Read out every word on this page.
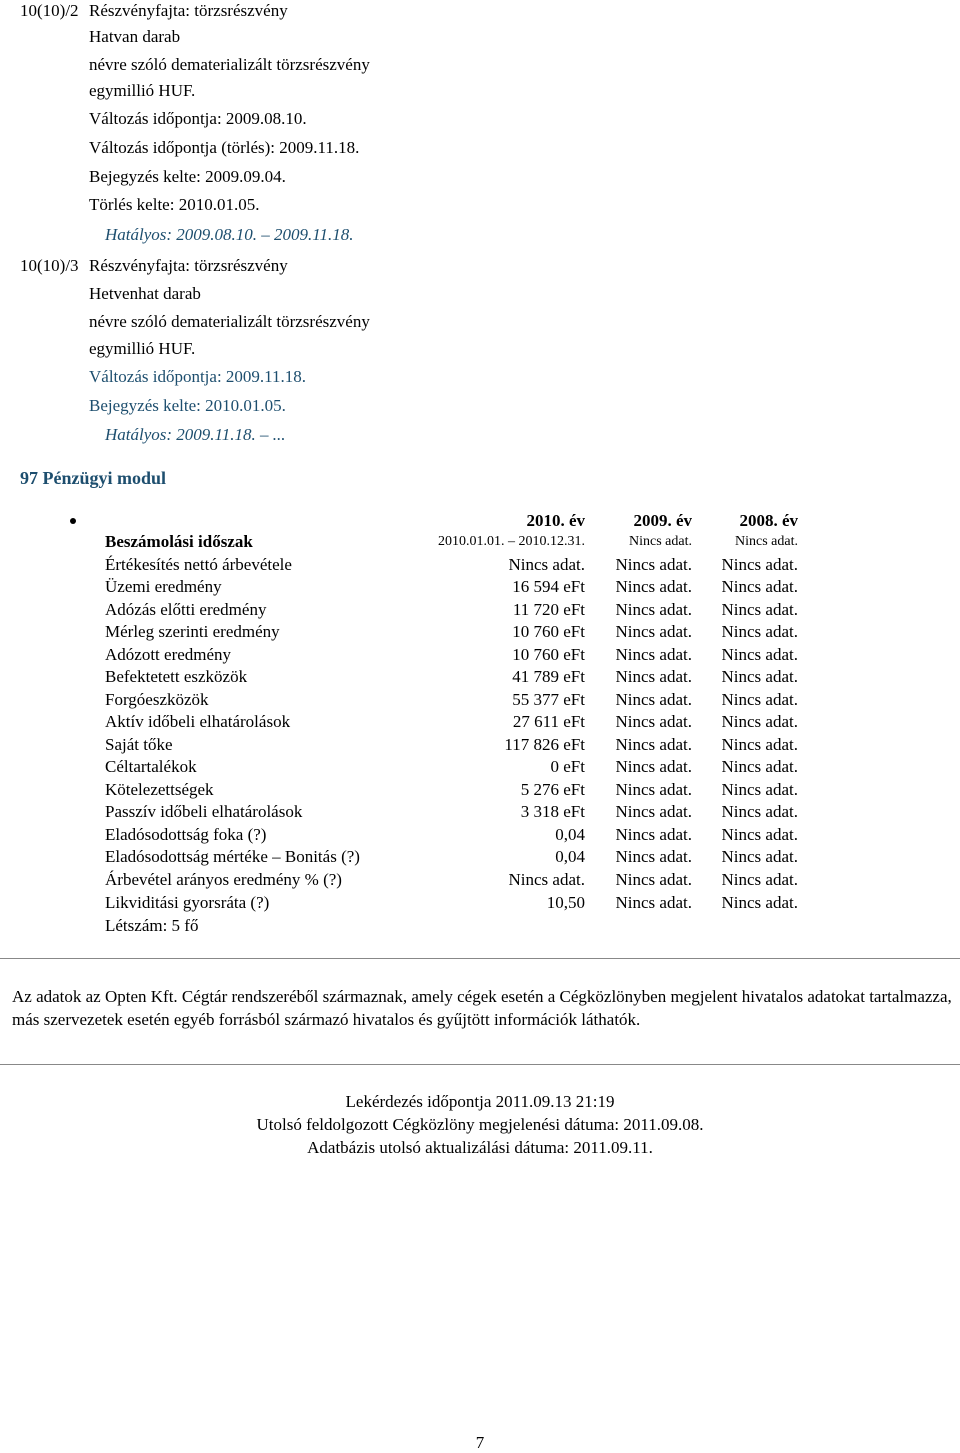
10(10)/2 Részvényfajta: törzsrészvény
Hatvan darab
névre szóló dematerializált törzsrészvény
egymillió HUF.
Változás időpontja: 2009.08.10.
Változás időpontja (törlés): 2009.11.18.
Bejegyzés kelte: 2009.09.04.
Törlés kelte: 2010.01.05.
Hatályos: 2009.08.10. – 2009.11.18.
10(10)/3 Részvényfajta: törzsrészvény
Hetvenhat darab
névre szóló dematerializált törzsrészvény
egymillió HUF.
Változás időpontja: 2009.11.18.
Bejegyzés kelte: 2010.01.05.
Hatályos: 2009.11.18. – ...
97 Pénzügyi modul
2010. év	2009. év	2008. év
Beszámolási időszak	2010.01.01. – 2010.12.31.	Nincs adat.	Nincs adat.
Értékesítés nettó árbevétele	Nincs adat. Nincs adat. Nincs adat.
Üzemi eredmény	16 594 eFt Nincs adat. Nincs adat.
Adózás előtti eredmény	11 720 eFt Nincs adat. Nincs adat.
Mérleg szerinti eredmény	10 760 eFt Nincs adat. Nincs adat.
Adózott eredmény	10 760 eFt Nincs adat. Nincs adat.
Befektetett eszközök	41 789 eFt Nincs adat. Nincs adat.
Forgóeszközök	55 377 eFt Nincs adat. Nincs adat.
Aktív időbeli elhatárolások	27 611 eFt Nincs adat. Nincs adat.
Saját tőke	117 826 eFt Nincs adat. Nincs adat.
Céltartalékok	0 eFt Nincs adat. Nincs adat.
Kötelezettségek	5 276 eFt Nincs adat. Nincs adat.
Passzív időbeli elhatárolások	3 318 eFt Nincs adat. Nincs adat.
Eladósodottság foka (?)	0,04 Nincs adat. Nincs adat.
Eladósodottság mértéke – Bonitás (?)	0,04 Nincs adat. Nincs adat.
Árbevétel arányos eredmény % (?)	Nincs adat. Nincs adat. Nincs adat.
Likviditási gyorsráta (?)	10,50 Nincs adat. Nincs adat.
Létszám: 5 fő
Az adatok az Opten Kft. Cégtár rendszeréből származnak, amely cégek esetén a Cégközlönyben megjelent hivatalos adatokat tartalmazza, más szervezetek esetén egyéb forrásból származó hivatalos és gyűjtött információk láthatók.
Lekérdezés időpontja 2011.09.13 21:19
Utolsó feldolgozott Cégközlöny megjelenési dátuma: 2011.09.08.
Adatbázis utolsó aktualizálási dátuma: 2011.09.11.
7
